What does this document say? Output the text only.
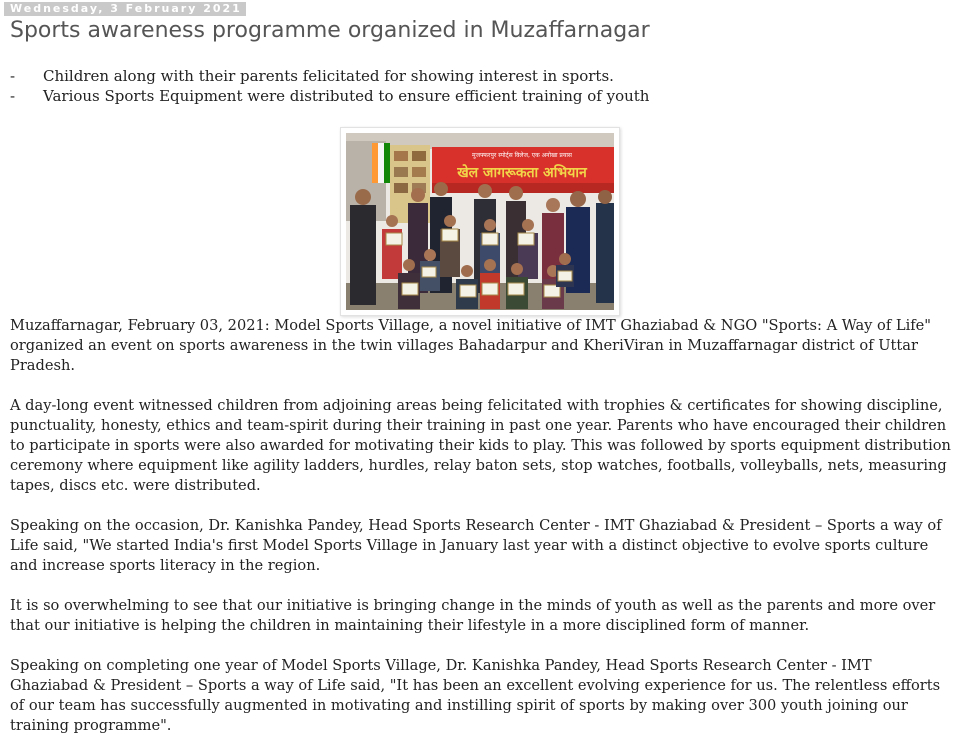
Wednesday, 3 February 2021
Sports awareness programme organized in Muzaffarnagar
- Children along with their parents felicitated for showing interest in sports.
- Various Sports Equipment were distributed to ensure efficient training of youth
मुजफ्फरपुर स्पोर्ट्स विलेज, एक अनोखा प्रयास
खेल जागरूकता अभियान

Muzaffarnagar, February 03, 2021: Model Sports Village, a novel initiative of IMT Ghaziabad & NGO "Sports: A Way of Life" organized an event on sports awareness in the twin villages Bahadarpur and KheriViran in Muzaffarnagar district of Uttar Pradesh.

A day-long event witnessed children from adjoining areas being felicitated with trophies & certificates for showing discipline, punctuality, honesty, ethics and team-spirit during their training in past one year. Parents who have encouraged their children to participate in sports were also awarded for motivating their kids to play. This was followed by sports equipment distribution ceremony where equipment like agility ladders, hurdles, relay baton sets, stop watches, footballs, volleyballs, nets, measuring tapes, discs etc. were distributed.

Speaking on the occasion, Dr. Kanishka Pandey, Head Sports Research Center - IMT Ghaziabad & President – Sports a way of Life said, "We started India's first Model Sports Village in January last year with a distinct objective to evolve sports culture and increase sports literacy in the region.

It is so overwhelming to see that our initiative is bringing change in the minds of youth as well as the parents and more over that our initiative is helping the children in maintaining their lifestyle in a more disciplined form of manner.

Speaking on completing one year of Model Sports Village, Dr. Kanishka Pandey, Head Sports Research Center - IMT Ghaziabad & President – Sports a way of Life said, "It has been an excellent evolving experience for us. The relentless efforts of our team has successfully augmented in motivating and instilling spirit of sports by making over 300 youth joining our training programme".
